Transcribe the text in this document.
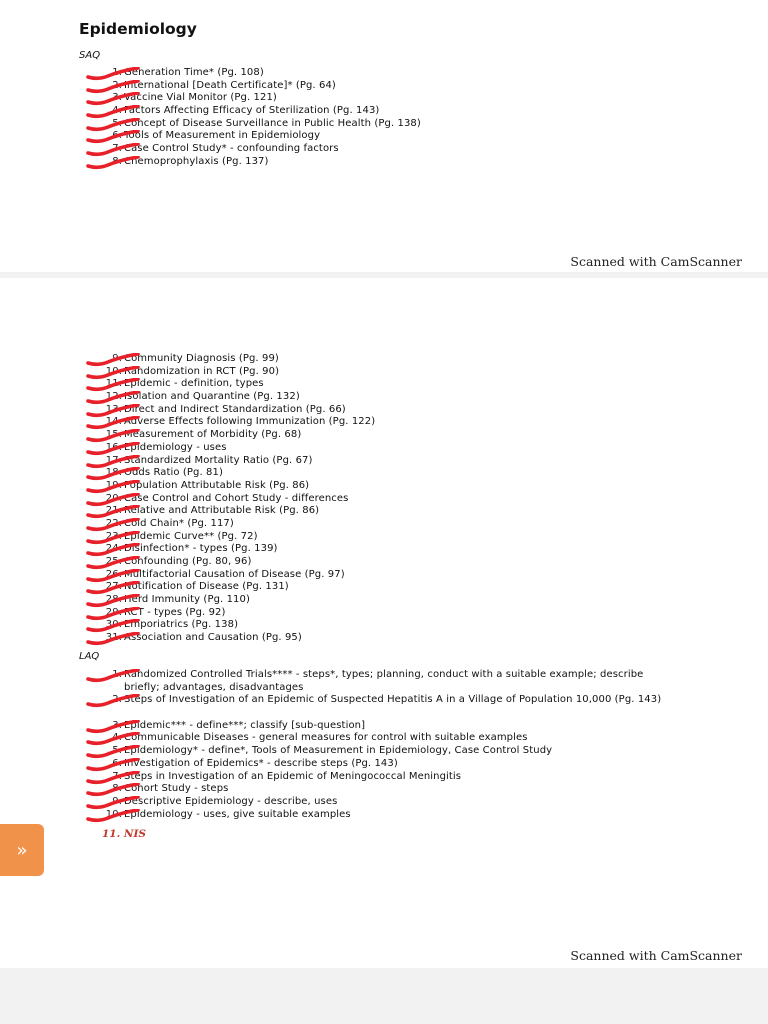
Epidemiology
SAQ
1. Generation Time* (Pg. 108)
2. International [Death Certificate]* (Pg. 64)
3. Vaccine Vial Monitor (Pg. 121)
4. Factors Affecting Efficacy of Sterilization (Pg. 143)
5. Concept of Disease Surveillance in Public Health (Pg. 138)
6. Tools of Measurement in Epidemiology
7. Case Control Study* - confounding factors
8. Chemoprophylaxis (Pg. 137)
Scanned with CamScanner
9. Community Diagnosis (Pg. 99)
10. Randomization in RCT (Pg. 90)
11. Epidemic - definition, types
12. Isolation and Quarantine (Pg. 132)
13. Direct and Indirect Standardization (Pg. 66)
14. Adverse Effects following Immunization (Pg. 122)
15. Measurement of Morbidity (Pg. 68)
16. Epidemiology - uses
17. Standardized Mortality Ratio (Pg. 67)
18. Odds Ratio (Pg. 81)
19. Population Attributable Risk (Pg. 86)
20. Case Control and Cohort Study - differences
21. Relative and Attributable Risk (Pg. 86)
22. Cold Chain* (Pg. 117)
23. Epidemic Curve** (Pg. 72)
24. Disinfection* - types (Pg. 139)
25. Confounding (Pg. 80, 96)
26. Multifactorial Causation of Disease (Pg. 97)
27. Notification of Disease (Pg. 131)
28. Herd Immunity (Pg. 110)
29. RCT - types (Pg. 92)
30. Emporiatrics (Pg. 138)
31. Association and Causation (Pg. 95)
LAQ
1. Randomized Controlled Trials**** - steps*, types; planning, conduct with a suitable example; describe briefly; advantages, disadvantages
2. Steps of Investigation of an Epidemic of Suspected Hepatitis A in a Village of Population 10,000 (Pg. 143)
3. Epidemic*** - define***; classify [sub-question]
4. Communicable Diseases - general measures for control with suitable examples
5. Epidemiology* - define*, Tools of Measurement in Epidemiology, Case Control Study
6. Investigation of Epidemics* - describe steps (Pg. 143)
7. Steps in Investigation of an Epidemic of Meningococcal Meningitis
8. Cohort Study - steps
9. Descriptive Epidemiology - describe, uses
10. Epidemiology - uses, give suitable examples
11. NIS
Scanned with CamScanner
»
